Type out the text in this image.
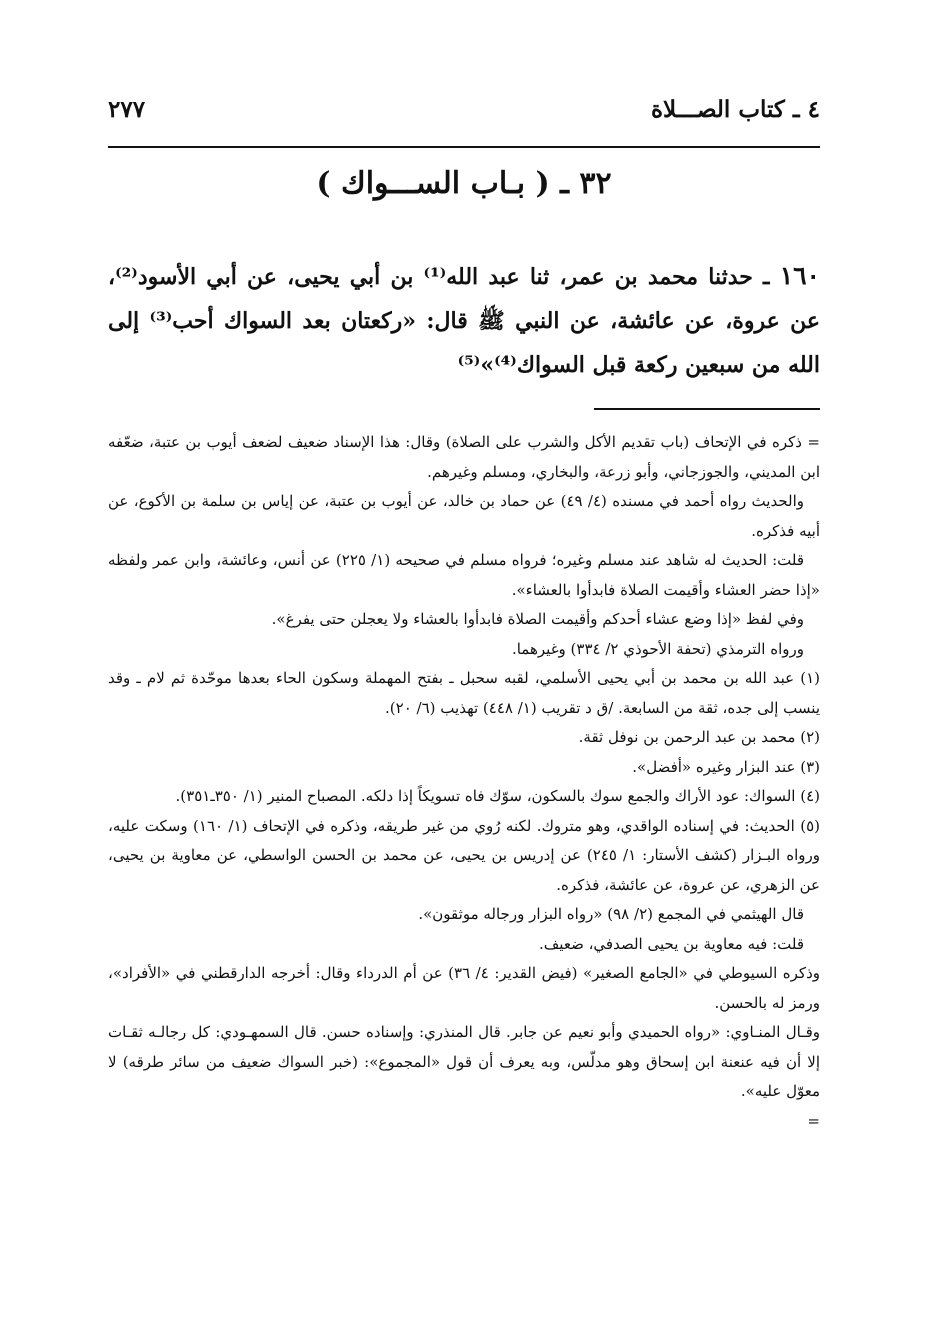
٤ ـ كتاب الصـــلاة
٢٧٧
٣٢ ـ ( بـاب الســـواك )
١٦٠ ـ حدثنا محمد بن عمر، ثنا عبد الله⁽¹⁾ بن أبي يحيى، عن أبي الأسود⁽²⁾، عن عروة، عن عائشة، عن النبي ﷺ قال: «ركعتان بعد السواك أحب⁽³⁾ إلى الله من سبعين ركعة قبل السواك⁽⁴⁾»⁽⁵⁾

= ذكره في الإتحاف (باب تقديم الأكل والشرب على الصلاة) وقال: هذا الإسناد ضعيف لضعف أيوب بن عتبة، ضعّفه ابن المديني، والجوزجاني، وأبو زرعة، والبخاري، ومسلم وغيرهم.

والحديث رواه أحمد في مسنده (٤/ ٤٩) عن حماد بن خالد، عن أيوب بن عتبة، عن إياس بن سلمة بن الأكوع، عن أبيه فذكره.

قلت: الحديث له شاهد عند مسلم وغيره؛ فرواه مسلم في صحيحه (١/ ٢٢٥) عن أنس، وعائشة، وابن عمر ولفظه «إذا حضر العشاء وأقيمت الصلاة فابدأوا بالعشاء».

وفي لفظ «إذا وضع عشاء أحدكم وأقيمت الصلاة فابدأوا بالعشاء ولا يعجلن حتى يفرغ».

ورواه الترمذي (تحفة الأحوذي ٢/ ٣٣٤) وغيرهما.

(١) عبد الله بن محمد بن أبي يحيى الأسلمي، لقبه سحبل ـ بفتح المهملة وسكون الحاء بعدها موحّدة ثم لام ـ وقد ينسب إلى جده، ثقة من السابعة. /ق د تقريب (١/ ٤٤٨) تهذيب (٦/ ٢٠).

(٢) محمد بن عبد الرحمن بن نوفل ثقة.

(٣) عند البزار وغيره «أفضل».

(٤) السواك: عود الأراك والجمع سوك بالسكون، سوّك فاه تسويكاً إذا دلكه. المصباح المنير (١/ ٣٥٠ـ٣٥١).

(٥) الحديث: في إسناده الواقدي، وهو متروك. لكنه رُوي من غير طريقه، وذكره في الإتحاف (١/ ١٦٠) وسكت عليه، ورواه البـزار (كشف الأستار: ١/ ٢٤٥) عن إدريس بن يحيى، عن محمد بن الحسن الواسطي، عن معاوية بن يحيى، عن الزهري، عن عروة، عن عائشة، فذكره.

قال الهيثمي في المجمع (٢/ ٩٨) «رواه البزار ورجاله موثقون».

قلت: فيه معاوية بن يحيى الصدفي، ضعيف.

وذكره السيوطي في «الجامع الصغير» (فيض القدير: ٤/ ٣٦) عن أم الدرداء وقال: أخرجه الدارقطني في «الأفراد»، ورمز له بالحسن.

وقـال المنـاوي: «رواه الحميدي وأبو نعيم عن جابر. قال المنذري: وإسناده حسن. قال السمهـودي: كل رجالـه ثقـات إلا أن فيه عنعنة ابن إسحاق وهو مدلّس، وبه يعرف أن قول «المجموع»: (خبر السواك ضعيف من سائر طرقه) لا معوّل عليه».

=
